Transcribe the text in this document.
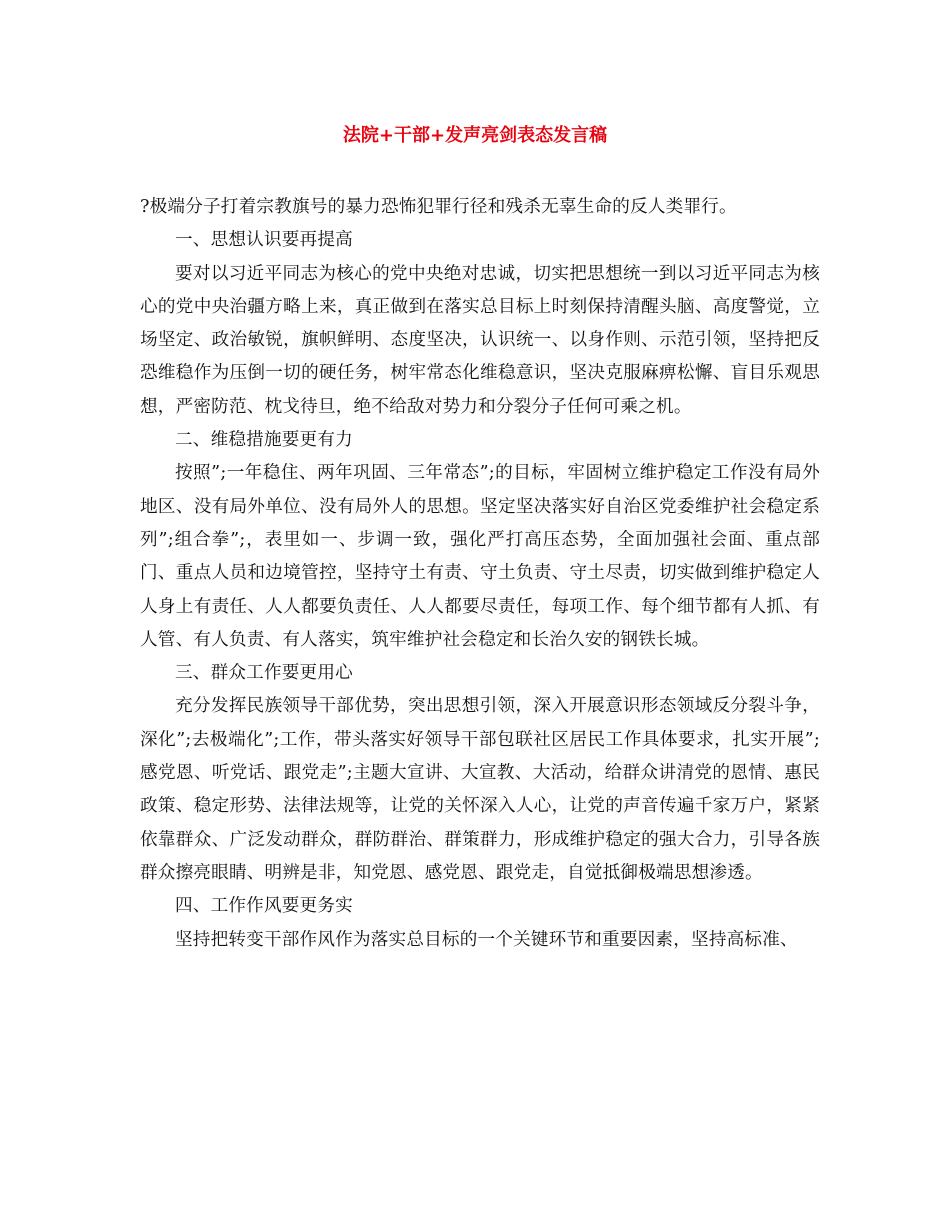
法院+干部+发声亮剑表态发言稿

?极端分子打着宗教旗号的暴力恐怖犯罪行径和残杀无辜生命的反人类罪行。

一、思想认识要再提高

要对以习近平同志为核心的党中央绝对忠诚，切实把思想统一到以习近平同志为核心的党中央治疆方略上来，真正做到在落实总目标上时刻保持清醒头脑、高度警觉，立场坚定、政治敏锐，旗帜鲜明、态度坚决，认识统一、以身作则、示范引领，坚持把反恐维稳作为压倒一切的硬任务，树牢常态化维稳意识，坚决克服麻痹松懈、盲目乐观思想，严密防范、枕戈待旦，绝不给敌对势力和分裂分子任何可乘之机。

二、维稳措施要更有力

按照”;一年稳住、两年巩固、三年常态”;的目标，牢固树立维护稳定工作没有局外地区、没有局外单位、没有局外人的思想。坚定坚决落实好自治区党委维护社会稳定系列”;组合拳”;，表里如一、步调一致，强化严打高压态势，全面加强社会面、重点部门、重点人员和边境管控，坚持守土有责、守土负责、守土尽责，切实做到维护稳定人人身上有责任、人人都要负责任、人人都要尽责任，每项工作、每个细节都有人抓、有人管、有人负责、有人落实，筑牢维护社会稳定和长治久安的钢铁长城。

三、群众工作要更用心

充分发挥民族领导干部优势，突出思想引领，深入开展意识形态领域反分裂斗争，深化”;去极端化”;工作，带头落实好领导干部包联社区居民工作具体要求，扎实开展”;感党恩、听党话、跟党走”;主题大宣讲、大宣教、大活动，给群众讲清党的恩情、惠民政策、稳定形势、法律法规等，让党的关怀深入人心，让党的声音传遍千家万户，紧紧依靠群众、广泛发动群众，群防群治、群策群力，形成维护稳定的强大合力，引导各族群众擦亮眼睛、明辨是非，知党恩、感党恩、跟党走，自觉抵御极端思想渗透。

四、工作作风要更务实

坚持把转变干部作风作为落实总目标的一个关键环节和重要因素，坚持高标准、
